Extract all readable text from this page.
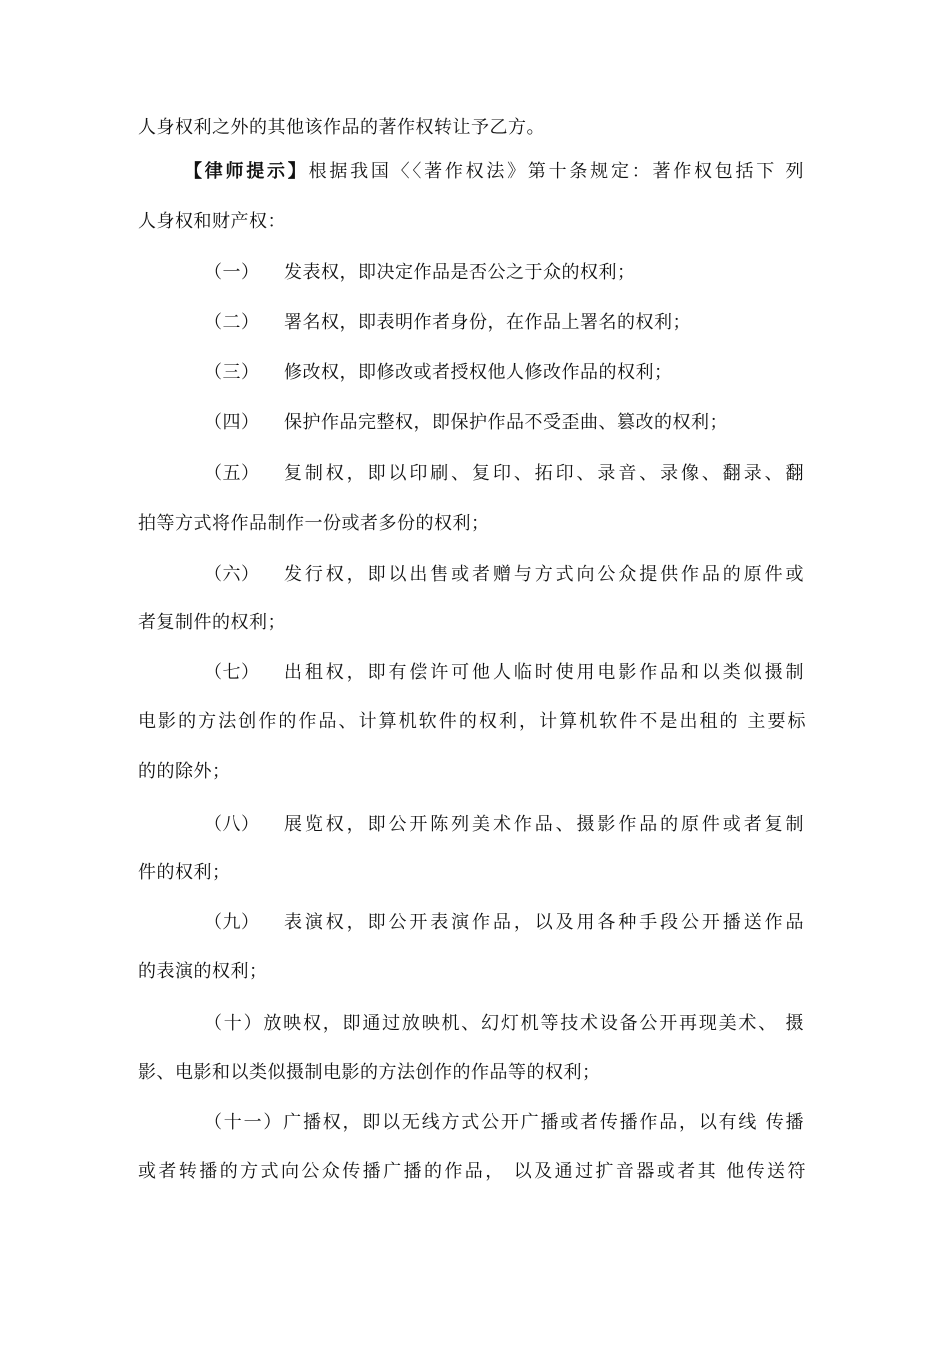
人身权利之外的其他该作品的著作权转让予乙方。
【律师提示】根据我国〈〈著作权法》第十条规定：著作权包括下 列
人身权和财产权：
（一） 发表权，即决定作品是否公之于众的权利；
（二） 署名权，即表明作者身份，在作品上署名的权利；
（三） 修改权，即修改或者授权他人修改作品的权利；
（四） 保护作品完整权，即保护作品不受歪曲、篡改的权利；
（五） 复制权，即以印刷、复印、拓印、录音、录像、翻录、翻
拍等方式将作品制作一份或者多份的权利；
（六） 发行权，即以出售或者赠与方式向公众提供作品的原件或
者复制件的权利；
（七） 出租权，即有偿许可他人临时使用电影作品和以类似摄制
电影的方法创作的作品、计算机软件的权利，计算机软件不是出租的 主要标
的的除外；
（八） 展览权，即公开陈列美术作品、摄影作品的原件或者复制
件的权利；
（九） 表演权，即公开表演作品，以及用各种手段公开播送作品
的表演的权利；
（十）放映权，即通过放映机、幻灯机等技术设备公开再现美术、 摄
影、电影和以类似摄制电影的方法创作的作品等的权利；
（十一）广播权，即以无线方式公开广播或者传播作品，以有线 传播
或者转播的方式向公众传播广播的作品， 以及通过扩音器或者其 他传送符
